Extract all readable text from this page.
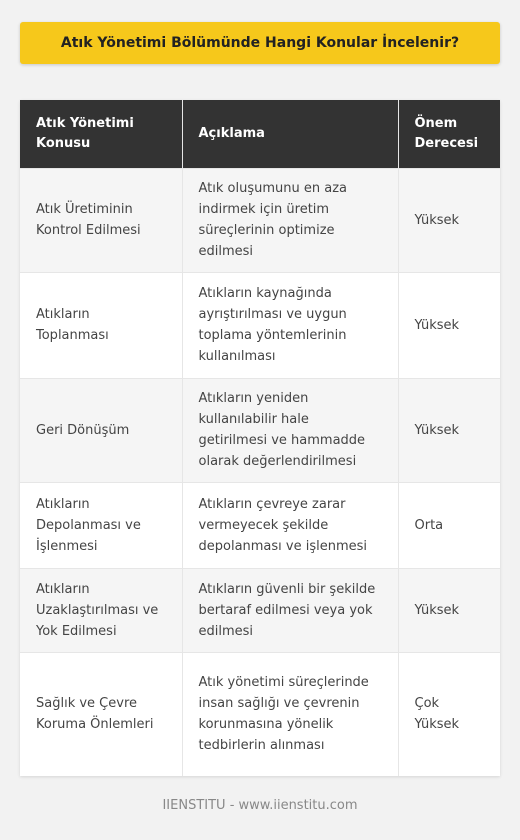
Atık Yönetimi Bölümünde Hangi Konular İncelenir?
Atık Yönetimi Konusu	Açıklama	Önem Derecesi
Atık Üretiminin Kontrol Edilmesi	Atık oluşumunu en aza indirmek için üretim süreçlerinin optimize edilmesi	Yüksek
Atıkların Toplanması	Atıkların kaynağında ayrıştırılması ve uygun toplama yöntemlerinin kullanılması	Yüksek
Geri Dönüşüm	Atıkların yeniden kullanılabilir hale getirilmesi ve hammadde olarak değerlendirilmesi	Yüksek
Atıkların Depolanması ve İşlenmesi	Atıkların çevreye zarar vermeyecek şekilde depolanması ve işlenmesi	Orta
Atıkların Uzaklaştırılması ve Yok Edilmesi	Atıkların güvenli bir şekilde bertaraf edilmesi veya yok edilmesi	Yüksek
Sağlık ve Çevre Koruma Önlemleri	Atık yönetimi süreçlerinde insan sağlığı ve çevrenin korunmasına yönelik tedbirlerin alınması	Çok Yüksek
IIENSTITU - www.iienstitu.com
